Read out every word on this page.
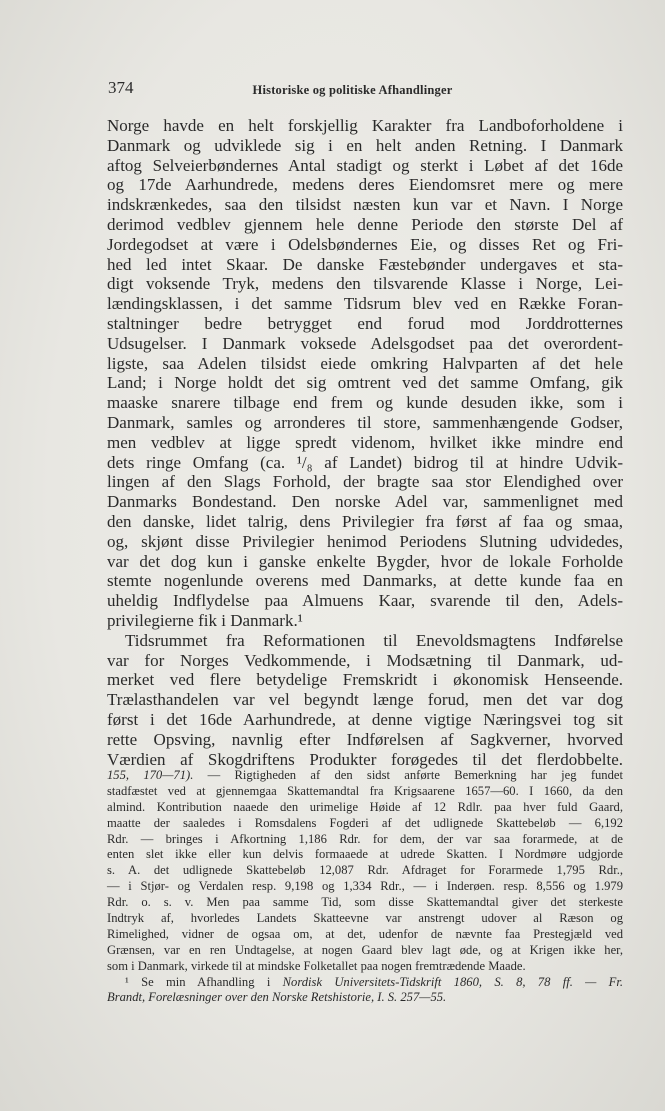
374	Historiske og politiske Afhandlinger
Norge havde en helt forskjellig Karakter fra Landboforholdene i
Danmark og udviklede sig i en helt anden Retning. I Danmark
aftog Selveierbøndernes Antal stadigt og sterkt i Løbet af det 16de
og 17de Aarhundrede, medens deres Eiendomsret mere og mere
indskrænkedes, saa den tilsidst næsten kun var et Navn. I Norge
derimod vedblev gjennem hele denne Periode den største Del af
Jordegodset at være i Odelsbøndernes Eie, og disses Ret og Fri-
hed led intet Skaar. De danske Fæstebønder undergaves et sta-
digt voksende Tryk, medens den tilsvarende Klasse i Norge, Lei-
lændingsklassen, i det samme Tidsrum blev ved en Række Foran-
staltninger bedre betrygget end forud mod Jorddrotternes
Udsugelser. I Danmark voksede Adelsgodset paa det overordent-
ligste, saa Adelen tilsidst eiede omkring Halvparten af det hele
Land; i Norge holdt det sig omtrent ved det samme Omfang, gik
maaske snarere tilbage end frem og kunde desuden ikke, som i
Danmark, samles og arronderes til store, sammenhængende Godser,
men vedblev at ligge spredt videnom, hvilket ikke mindre end
dets ringe Omfang (ca. ¹/₈ af Landet) bidrog til at hindre Udvik-
lingen af den Slags Forhold, der bragte saa stor Elendighed over
Danmarks Bondestand. Den norske Adel var, sammenlignet med
den danske, lidet talrig, dens Privilegier fra først af faa og smaa,
og, skjønt disse Privilegier henimod Periodens Slutning udvidedes,
var det dog kun i ganske enkelte Bygder, hvor de lokale Forholde
stemte nogenlunde overens med Danmarks, at dette kunde faa en
uheldig Indflydelse paa Almuens Kaar, svarende til den, Adels-
privilegierne fik i Danmark.¹
Tidsrummet fra Reformationen til Enevoldsmagtens Indførelse
var for Norges Vedkommende, i Modsætning til Danmark, ud-
merket ved flere betydelige Fremskridt i økonomisk Henseende.
Trælasthandelen var vel begyndt længe forud, men det var dog
først i det 16de Aarhundrede, at denne vigtige Næringsvei tog sit
rette Opsving, navnlig efter Indførelsen af Sagkverner, hvorved
Værdien af Skogdriftens Produkter forøgedes til det flerdobbelte.
155, 170—71). — Rigtigheden af den sidst anførte Bemerkning har jeg fundet
stadfæstet ved at gjennemgaa Skattemandtal fra Krigsaarene 1657—60. I 1660, da den
almind. Kontribution naaede den urimelige Høide af 12 Rdlr. paa hver fuld Gaard,
maatte der saaledes i Romsdalens Fogderi af det udlignede Skattebeløb — 6,192
Rdr. — bringes i Afkortning 1,186 Rdr. for dem, der var saa forarmede, at de
enten slet ikke eller kun delvis formaaede at udrede Skatten. I Nordmøre udgjorde
s. A. det udlignede Skattebeløb 12,087 Rdr. Afdraget for Forarmede 1,795 Rdr.,
— i Stjør- og Verdalen resp. 9,198 og 1,334 Rdr., — i Inderøen. resp. 8,556 og 1.979
Rdr. o. s. v. Men paa samme Tid, som disse Skattemandtal giver det sterkeste
Indtryk af, hvorledes Landets Skatteevne var anstrengt udover al Ræson og
Rimelighed, vidner de ogsaa om, at det, udenfor de nævnte faa Prestegjæld ved
Grænsen, var en ren Undtagelse, at nogen Gaard blev lagt øde, og at Krigen ikke her,
som i Danmark, virkede til at mindske Folketallet paa nogen fremtrædende Maade.
¹ Se min Afhandling i Nordisk Universitets-Tidskrift 1860, S. 8, 78 ff. — Fr.
Brandt, Forelæsninger over den Norske Retshistorie, I. S. 257—55.
